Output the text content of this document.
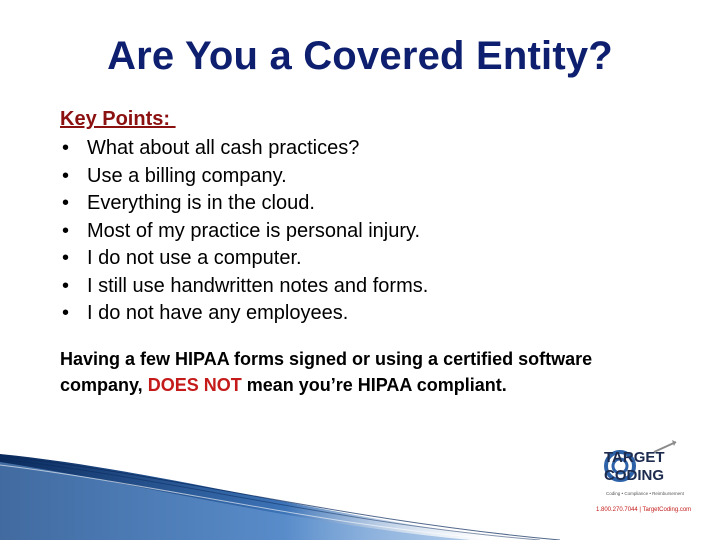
Are You a Covered Entity?
Key Points:
• What about all cash practices?
• Use a billing company.
• Everything is in the cloud.
• Most of my practice is personal injury.
• I do not use a computer.
• I still use handwritten notes and forms.
• I do not have any employees.
Having a few HIPAA forms signed or using a certified software company, DOES NOT mean you’re HIPAA compliant.
TARGET
CODING
Coding • Compliance • Reimbursement
1.800.270.7044 | TargetCoding.com
